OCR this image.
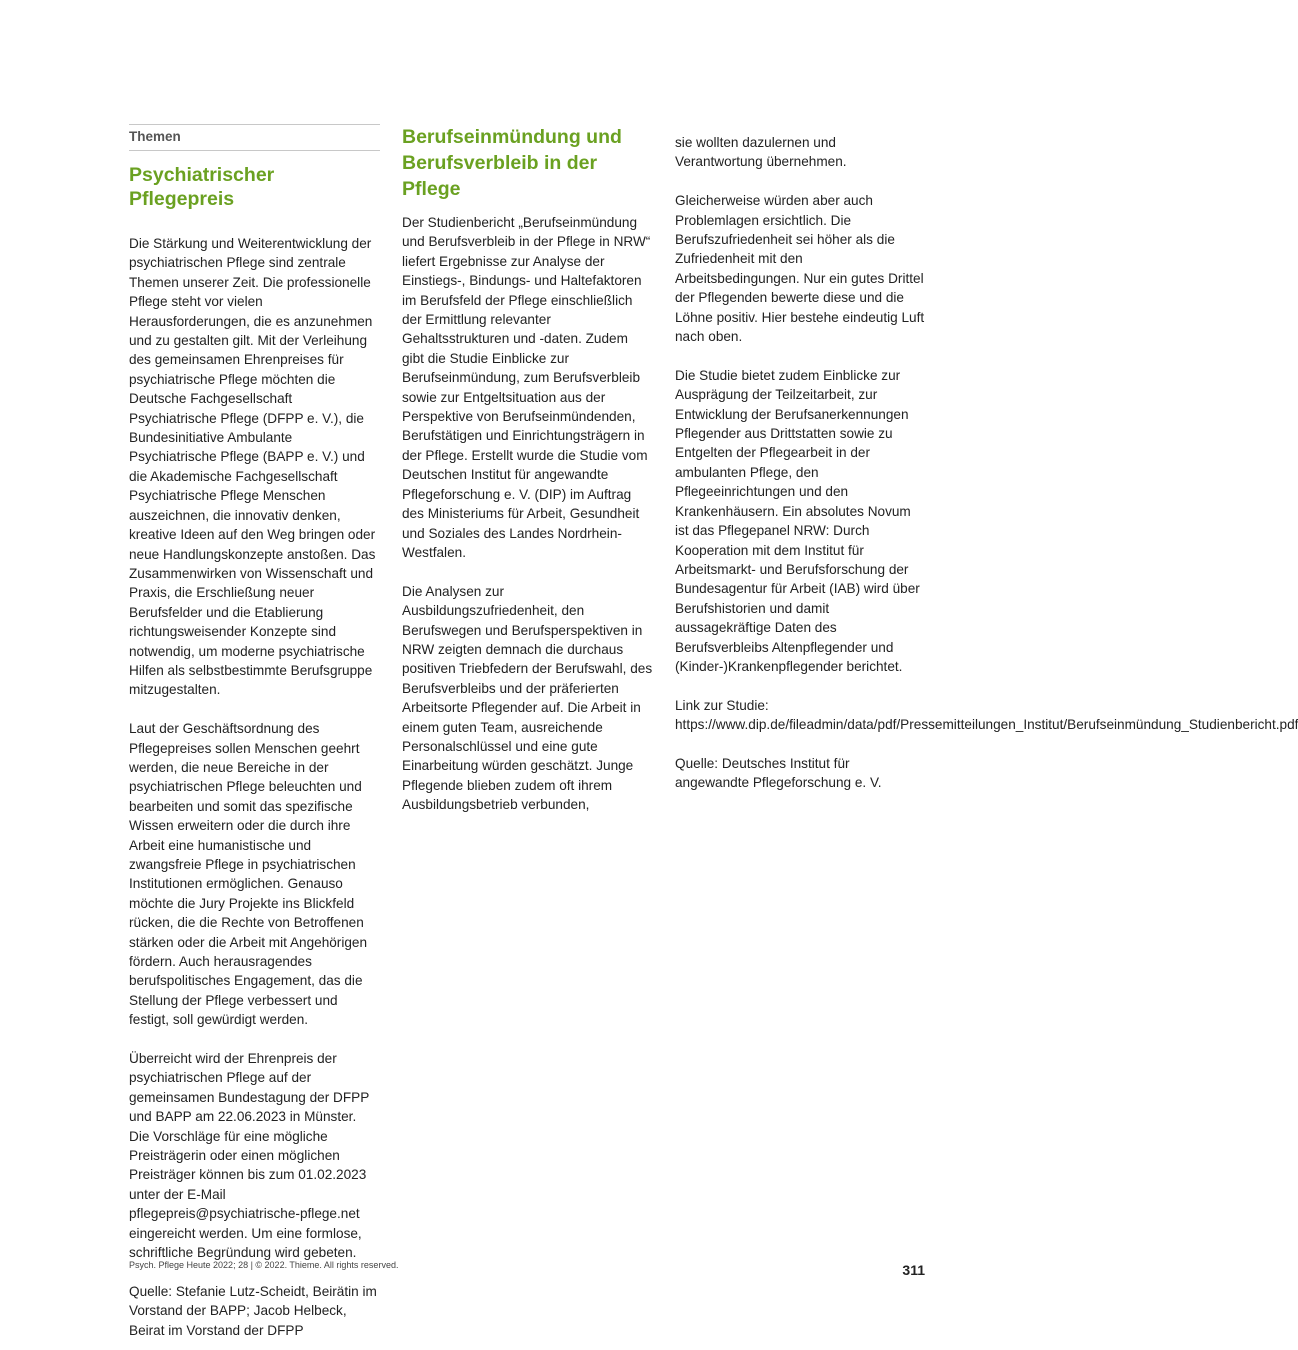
Themen
Psychiatrischer Pflegepreis

Die Stärkung und Weiterentwicklung der psychiatrischen Pflege sind zentrale Themen unserer Zeit. Die professionelle Pflege steht vor vielen Herausforderungen, die es anzunehmen und zu gestalten gilt. Mit der Verleihung des gemeinsamen Ehrenpreises für psychiatrische Pflege möchten die Deutsche Fachgesellschaft Psychiatrische Pflege (DFPP e. V.), die Bundesinitiative Ambulante Psychiatrische Pflege (BAPP e. V.) und die Akademische Fachgesellschaft Psychiatrische Pflege Menschen auszeichnen, die innovativ denken, kreative Ideen auf den Weg bringen oder neue Handlungskonzepte anstoßen. Das Zusammenwirken von Wissenschaft und Praxis, die Erschließung neuer Berufsfelder und die Etablierung richtungsweisender Konzepte sind notwendig, um moderne psychiatrische Hilfen als selbstbestimmte Berufsgruppe mitzugestalten.

Laut der Geschäftsordnung des Pflegepreises sollen Menschen geehrt werden, die neue Bereiche in der psychiatrischen Pflege beleuchten und bearbeiten und somit das spezifische Wissen erweitern oder die durch ihre Arbeit eine humanistische und zwangsfreie Pflege in psychiatrischen Institutionen ermöglichen. Genauso möchte die Jury Projekte ins Blickfeld rücken, die die Rechte von Betroffenen stärken oder die Arbeit mit Angehörigen fördern. Auch herausragendes berufspolitisches Engagement, das die Stellung der Pflege verbessert und festigt, soll gewürdigt werden.

Überreicht wird der Ehrenpreis der psychiatrischen Pflege auf der gemeinsamen Bundestagung der DFPP und BAPP am 22.06.2023 in Münster. Die Vorschläge für eine mögliche Preisträgerin oder einen möglichen Preisträger können bis zum 01.02.2023 unter der E-Mail pflegepreis@psychiatrische-pflege.net eingereicht werden. Um eine formlose, schriftliche Begründung wird gebeten.

Quelle: Stefanie Lutz-Scheidt, Beirätin im Vorstand der BAPP; Jacob Helbeck, Beirat im Vorstand der DFPP

Berufseinmündung und Berufsverbleib in der Pflege

Der Studienbericht „Berufseinmündung und Berufsverbleib in der Pflege in NRW“ liefert Ergebnisse zur Analyse der Einstiegs-, Bindungs- und Haltefaktoren im Berufsfeld der Pflege einschließlich der Ermittlung relevanter Gehaltsstrukturen und -daten. Zudem gibt die Studie Einblicke zur Berufseinmündung, zum Berufsverbleib sowie zur Entgeltsituation aus der Perspektive von Berufseinmündenden, Berufstätigen und Einrichtungsträgern in der Pflege. Erstellt wurde die Studie vom Deutschen Institut für angewandte Pflegeforschung e. V. (DIP) im Auftrag des Ministeriums für Arbeit, Gesundheit und Soziales des Landes Nordrhein-Westfalen.

Die Analysen zur Ausbildungszufriedenheit, den Berufswegen und Berufsperspektiven in NRW zeigten demnach die durchaus positiven Triebfedern der Berufswahl, des Berufsverbleibs und der präferierten Arbeitsorte Pflegender auf. Die Arbeit in einem guten Team, ausreichende Personalschlüssel und eine gute Einarbeitung würden geschätzt. Junge Pflegende blieben zudem oft ihrem Ausbildungsbetrieb verbunden,

sie wollten dazulernen und Verantwortung übernehmen.

Gleicherweise würden aber auch Problemlagen ersichtlich. Die Berufszufriedenheit sei höher als die Zufriedenheit mit den Arbeitsbedingungen. Nur ein gutes Drittel der Pflegenden bewerte diese und die Löhne positiv. Hier bestehe eindeutig Luft nach oben.

Die Studie bietet zudem Einblicke zur Ausprägung der Teilzeitarbeit, zur Entwicklung der Berufsanerkennungen Pflegender aus Drittstatten sowie zu Entgelten der Pflegearbeit in der ambulanten Pflege, den Pflegeeinrichtungen und den Krankenhäusern. Ein absolutes Novum ist das Pflegepanel NRW: Durch Kooperation mit dem Institut für Arbeitsmarkt- und Berufsforschung der Bundesagentur für Arbeit (IAB) wird über Berufshistorien und damit aussagekräftige Daten des Berufsverbleibs Altenpflegender und (Kinder-)Krankenpflegender berichtet.

Link zur Studie: https://www.dip.de/fileadmin/data/pdf/Pressemitteilungen_Institut/Berufseinmündung_Studienbericht.pdf

Quelle: Deutsches Institut für angewandte Pflegeforschung e. V.

Psych. Pflege Heute 2022; 28 | © 2022. Thieme. All rights reserved.	311
